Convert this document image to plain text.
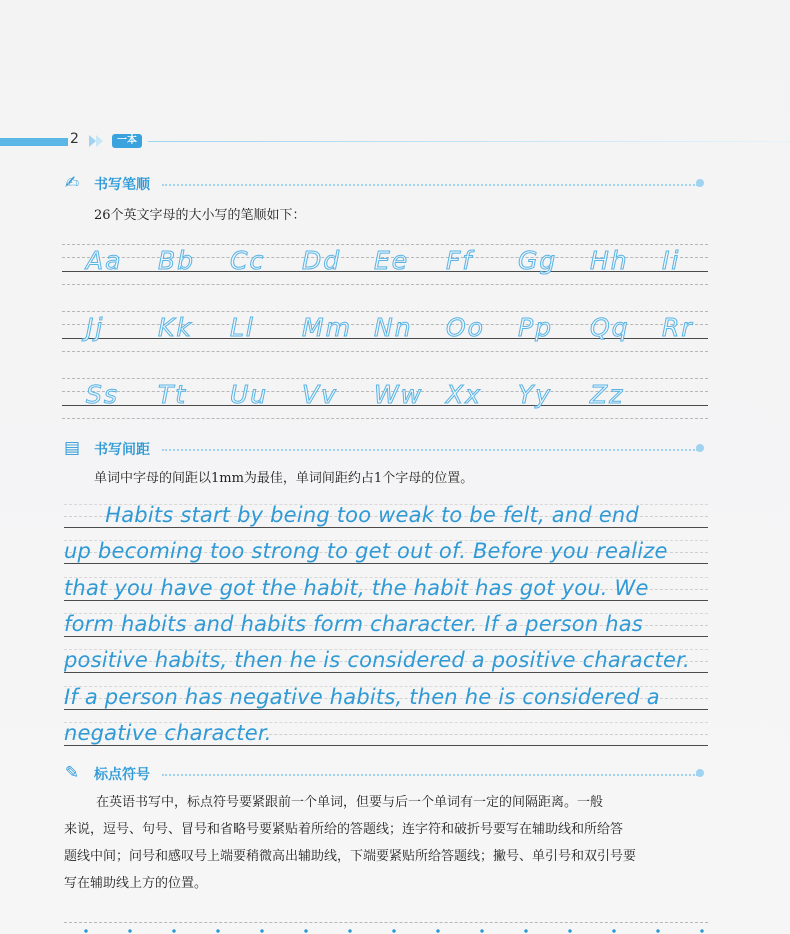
2	一本
✍ 书写笔顺
26个英文字母的大小写的笔顺如下：
Aa Bb Cc Dd Ee Ff Gg Hh Ii
Jj Kk Ll Mm Nn Oo Pp Qq Rr
Ss Tt Uu Vv Ww Xx Yy Zz
▤ 书写间距
单词中字母的间距以1mm为最佳，单词间距约占1个字母的位置。
Habits start by being too weak to be felt, and end
up becoming too strong to get out of. Before you realize
that you have got the habit, the habit has got you. We
form habits and habits form character. If a person has
positive habits, then he is considered a positive character.
If a person has negative habits, then he is considered a
negative character.
✎ 标点符号
在英语书写中，标点符号要紧跟前一个单词，但要与后一个单词有一定的间隔距离。一般
来说，逗号、句号、冒号和省略号要紧贴着所给的答题线；连字符和破折号要写在辅助线和所给答
题线中间；问号和感叹号上端要稍微高出辅助线，下端要紧贴所给答题线；撇号、单引号和双引号要
写在辅助线上方的位置。
